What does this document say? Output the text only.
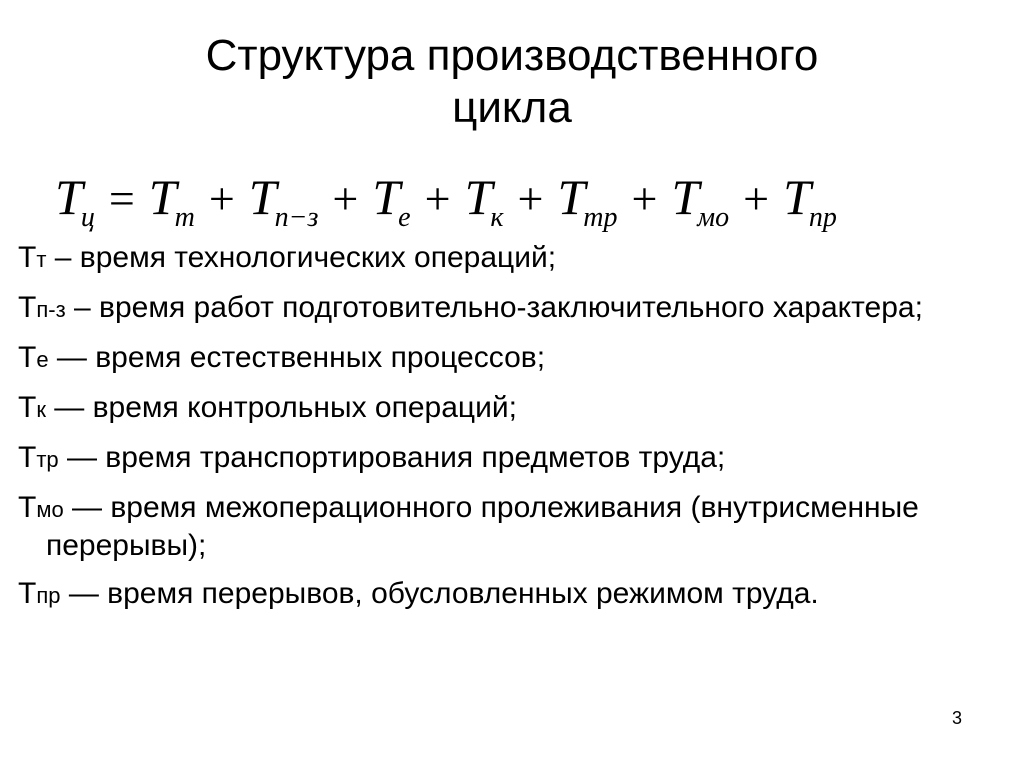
Структура производственного
цикла
$T_ц = T_т + T_{п-з} + T_е + T_к + T_{тр} + T_{мо} + T_{пр}$
Тт – время технологических операций;
Тп-з – время работ подготовительно-заключительного характера;
Те — время естественных процессов;
Тк — время контрольных операций;
Ттр — время транспортирования предметов труда;
Тмо — время межоперационного пролеживания (внутрисменные перерывы);
Тпр — время перерывов, обусловленных режимом труда.
3
